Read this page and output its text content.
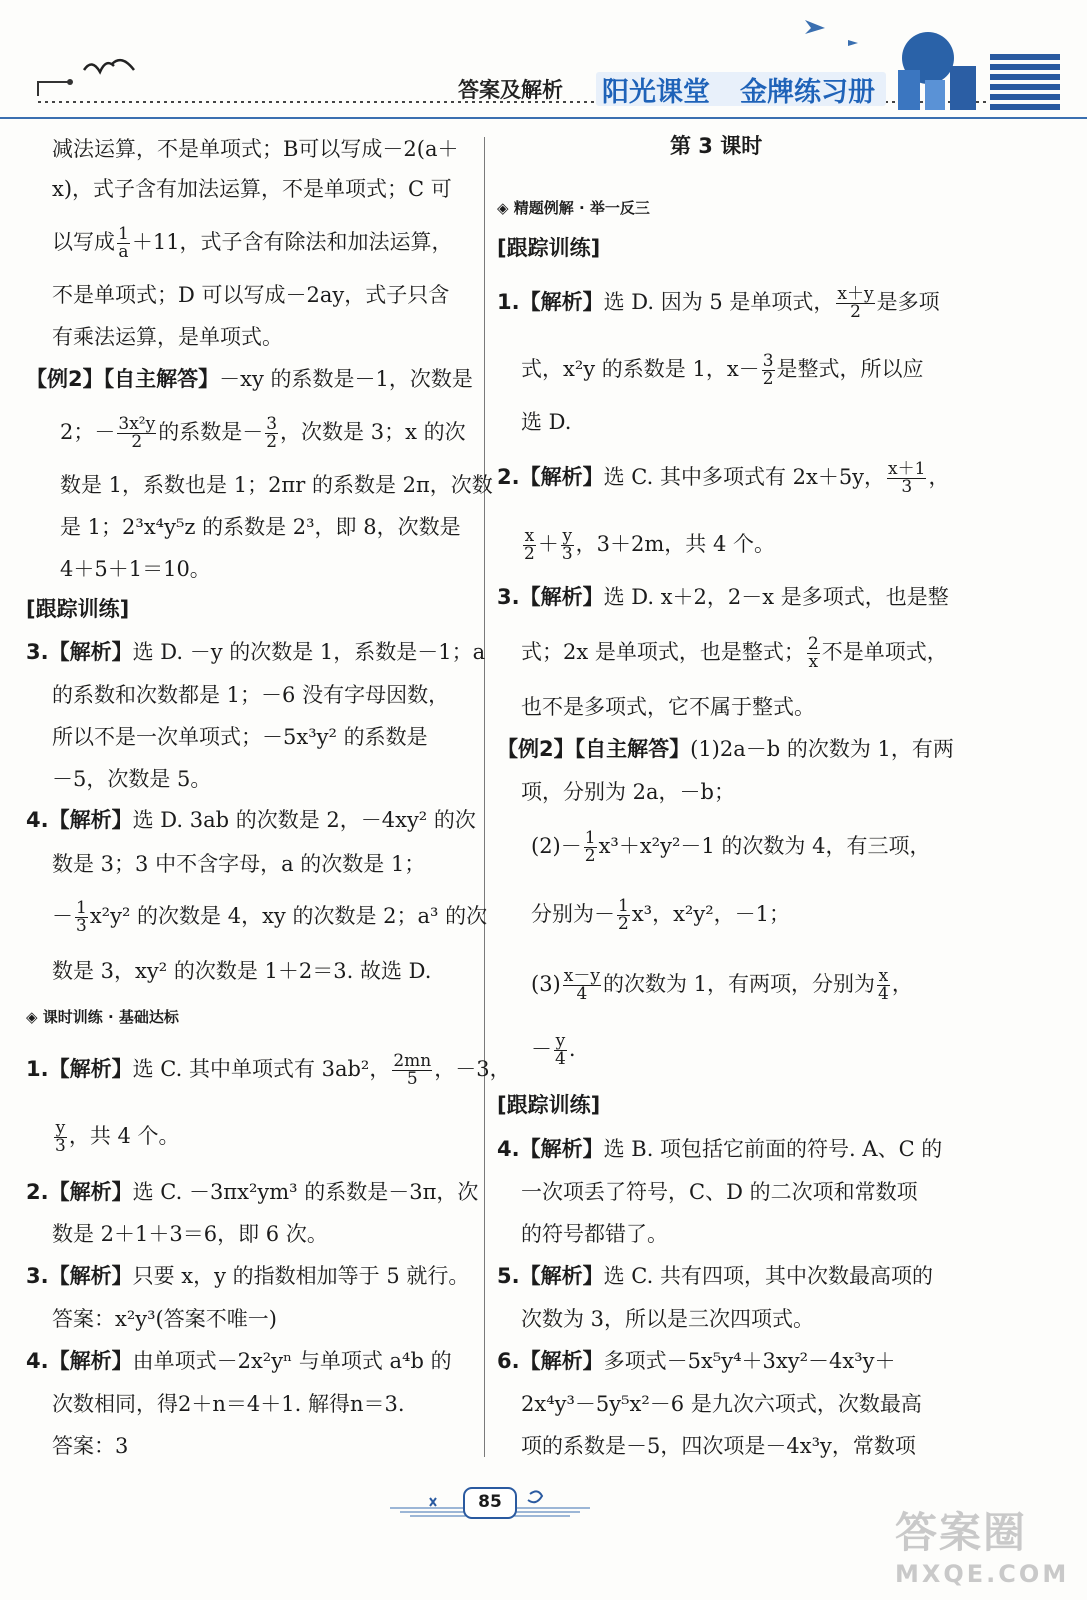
答案及解析 阳光课堂 金牌练习册
减法运算，不是单项式；B可以写成－2(a＋
x)，式子含有加法运算，不是单项式；C 可
以写成 $\frac{1}{a} +11$，式子含有除法和加法运算，
不是单项式；D 可以写成－2ay，式子只含
有乘法运算，是单项式。
【例2】【自主解答】－xy 的系数是－1，次数是
2；－ $\frac{\text{3x²y}}{2}$ 的系数是－ $\frac{3}{2}$ ，次数是 3；x 的次
数是 1，系数也是 1；2πr 的系数是 2π，次数
是 1；2³x⁴y⁵z 的系数是 2³，即 8，次数是
4＋5＋1＝10。
[跟踪训练]
3.【解析】选 D. －y 的次数是 1，系数是－1；a
的系数和次数都是 1；－6 没有字母因数，
所以不是一次单项式；－5x³y² 的系数是
－5，次数是 5。
4.【解析】选 D. 3ab 的次数是 2，－4xy² 的次
数是 3；3 中不含字母，a 的次数是 1；
－ $\frac{1}{3} x^2y^2$ 的次数是 4，xy 的次数是 2；a³ 的次
数是 3，xy² 的次数是 1＋2＝3. 故选 D.
◈ 课时训练 · 基础达标
1.【解析】选 C. 其中单项式有 3ab²， $\frac{2mn}{5}$ ，－3，
$\frac{y}{3}$ ，共 4 个。
2.【解析】选 C. －3πx²ym³ 的系数是－3π，次
数是 2＋1＋3＝6，即 6 次。
3.【解析】只要 x，y 的指数相加等于 5 就行。
答案：x²y³(答案不唯一)
4.【解析】由单项式－2x²yⁿ 与单项式 a⁴b 的
次数相同，得2＋n＝4＋1. 解得n＝3.
答案：3
第 3 课时
◈ 精题例解 · 举一反三
[跟踪训练]
1.【解析】选 D. 因为 5 是单项式， $\frac{x+y}{2}$ 是多项
式，x²y 的系数是 1，$x- \frac{3}{2}$ 是整式，所以应
选 D.
2.【解析】选 C. 其中多项式有 2x＋5y， $\frac{x+1}{3}$ ，
$\frac{x}{2} + \frac{y}{3}$ ，3＋2m，共 4 个。
3.【解析】选 D. x＋2，2－x 是多项式，也是整
式；2x 是单项式，也是整式； $\frac{2}{x}$ 不是单项式，
也不是多项式，它不属于整式。
【例2】【自主解答】(1)2a－b 的次数为 1，有两
项，分别为 2a，－b；
$(2)- \frac{1}{2} x^3+x^2y^2-1$ 的次数为 4，有三项，
分别为－ $\frac{1}{2} x^3$，x²y²，－1；
$(3) \frac{x-y}{4}$ 的次数为 1，有两项，分别为 $\frac{x}{4}$ ，
－ $\frac{y}{4}$ .
[跟踪训练]
4.【解析】选 B. 项包括它前面的符号. A、C 的
一次项丢了符号，C、D 的二次项和常数项
的符号都错了。
5.【解析】选 C. 共有四项，其中次数最高项的
次数为 3，所以是三次四项式。
6.【解析】多项式－5x⁵y⁴＋3xy²－4x³y＋
2x⁴y³－5y⁵x²－6 是九次六项式，次数最高
项的系数是－5，四次项是－4x³y，常数项
85
答案圈
MXQE.COM
